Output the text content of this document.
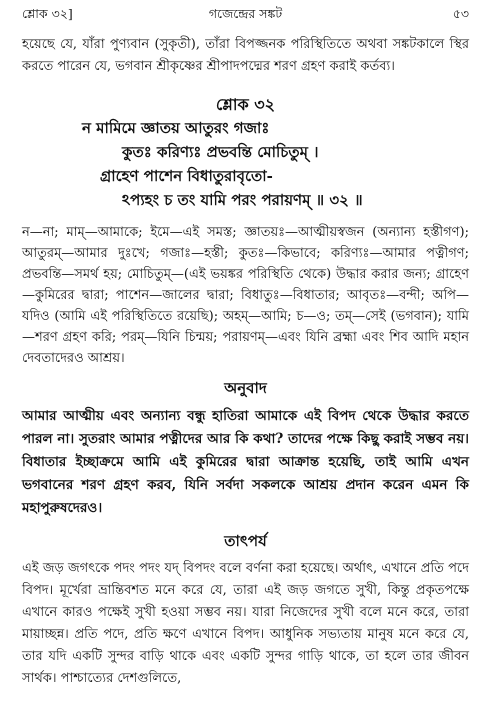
শ্লোক ৩২]	গজেন্দ্রের সঙ্কট	৫৩

হয়েছে যে, যাঁরা পুণ্যবান (সুকৃতী), তাঁরা বিপজ্জনক পরিস্থিতিতে অথবা সঙ্কটকালে স্থির করতে পারেন যে, ভগবান শ্রীকৃষ্ণের শ্রীপাদপদ্মের শরণ গ্রহণ করাই কর্তব্য।

শ্লোক ৩২
ন মামিমে জ্ঞাতয় আতুরং গজাঃ
কুতঃ করিণ্যঃ প্রভবন্তি মোচিতুম্ ।
গ্রাহেণ পাশেন বিধাতুরাবৃতো-
ঽপ্যহং চ তং যামি পরং পরায়ণম্ ॥ ৩২ ॥

ন—না; মাম্—আমাকে; ইমে—এই সমস্ত; জ্ঞাতয়ঃ—আত্মীয়স্বজন (অন্যান্য হস্তীগণ); আতুরম্—আমার দুঃখে; গজাঃ—হস্তী; কুতঃ—কিভাবে; করিণ্যঃ—আমার পত্নীগণ; প্রভবন্তি—সমর্থ হয়; মোচিতুম্—(এই ভয়ঙ্কর পরিস্থিতি থেকে) উদ্ধার করার জন্য; গ্রাহেণ—কুমিরের দ্বারা; পাশেন—জালের দ্বারা; বিধাতুঃ—বিধাতার; আবৃতঃ—বন্দী; অপি—যদিও (আমি এই পরিস্থিতিতে রয়েছি); অহম্—আমি; চ—ও; তম্—সেই (ভগবান); যামি—শরণ গ্রহণ করি; পরম্—যিনি চিন্ময়; পরায়ণম্—এবং যিনি ব্রহ্মা এবং শিব আদি মহান দেবতাদেরও আশ্রয়।

অনুবাদ

আমার আত্মীয় এবং অন্যান্য বন্ধু হাতিরা আমাকে এই বিপদ থেকে উদ্ধার করতে পারল না। সুতরাং আমার পত্নীদের আর কি কথা? তাদের পক্ষে কিছু করাই সম্ভব নয়। বিধাতার ইচ্ছাক্রমে আমি এই কুমিরের দ্বারা আক্রান্ত হয়েছি, তাই আমি এখন ভগবানের শরণ গ্রহণ করব, যিনি সর্বদা সকলকে আশ্রয় প্রদান করেন এমন কি মহাপুরুষদেরও।

তাৎপর্য

এই জড় জগৎকে পদং পদং যদ্ বিপদং বলে বর্ণনা করা হয়েছে। অর্থাৎ, এখানে প্রতি পদে বিপদ। মূর্খেরা ভ্রান্তিবশত মনে করে যে, তারা এই জড় জগতে সুখী, কিন্তু প্রকৃতপক্ষে এখানে কারও পক্ষেই সুখী হওয়া সম্ভব নয়। যারা নিজেদের সুখী বলে মনে করে, তারা মায়াচ্ছন্ন। প্রতি পদে, প্রতি ক্ষণে এখানে বিপদ। আধুনিক সভ্যতায় মানুষ মনে করে যে, তার যদি একটি সুন্দর বাড়ি থাকে এবং একটি সুন্দর গাড়ি থাকে, তা হলে তার জীবন সার্থক। পাশ্চাত্যের দেশগুলিতে,
